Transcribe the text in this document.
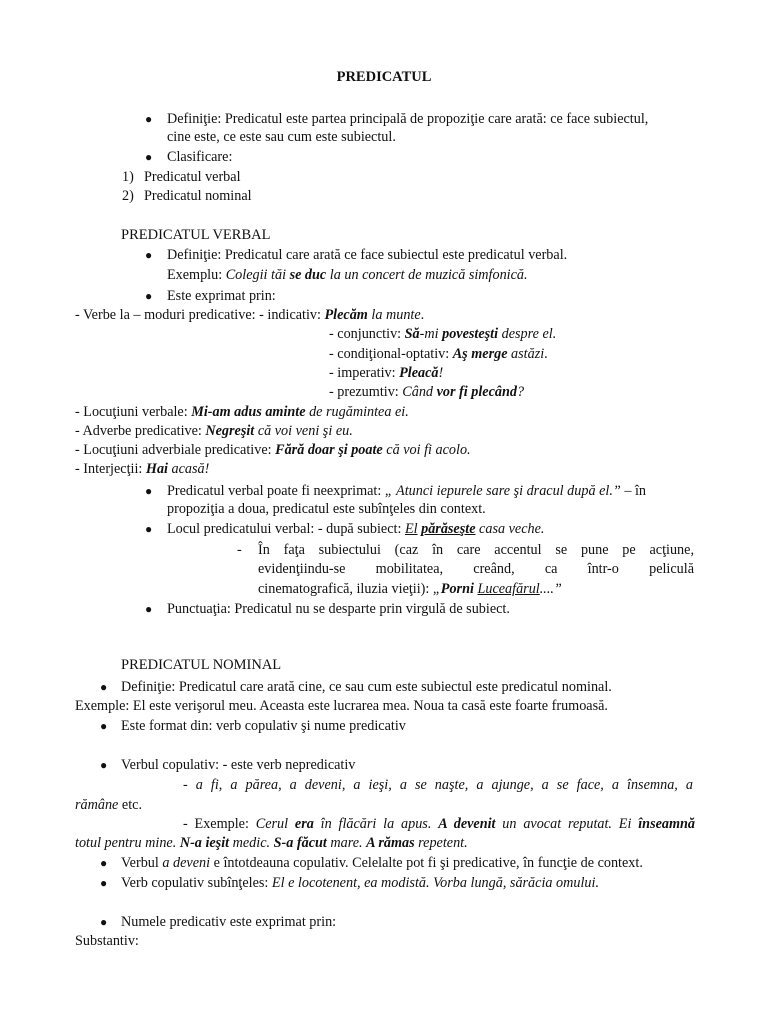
PREDICATUL
● Definiţie: Predicatul este partea principală de propoziţie care arată: ce face subiectul,
cine este, ce este sau cum este subiectul.
● Clasificare:
1) Predicatul verbal
2) Predicatul nominal
PREDICATUL VERBAL
● Definiţie: Predicatul care arată ce face subiectul este predicatul verbal.
Exemplu: Colegii tăi se duc la un concert de muzică simfonică.
● Este exprimat prin:
- Verbe la – moduri predicative: - indicativ: Plecăm la munte.
- conjunctiv: Să-mi povesteşti despre el.
- condiţional-optativ: Aş merge astăzi.
- imperativ: Pleacă!
- prezumtiv: Când vor fi plecând?
- Locuţiuni verbale: Mi-am adus aminte de rugămintea ei.
- Adverbe predicative: Negreşit că voi veni şi eu.
- Locuţiuni adverbiale predicative: Fără doar şi poate că voi fi acolo.
- Interjecţii: Hai acasă!
● Predicatul verbal poate fi neexprimat: „ Atunci iepurele sare şi dracul după el.” – în
propoziţia a doua, predicatul este subînţeles din context.
● Locul predicatului verbal: - după subiect: El părăseşte casa veche.
- În faţa subiectului (caz în care accentul se pune pe acţiune,
evidenţiindu-se mobilitatea, creând, ca într-o peliculă
cinematografică, iluzia vieţii): „Porni Luceafărul....”
● Punctuaţia: Predicatul nu se desparte prin virgulă de subiect.
PREDICATUL NOMINAL
● Definiţie: Predicatul care arată cine, ce sau cum este subiectul este predicatul nominal.
Exemple: El este verişorul meu. Aceasta este lucrarea mea. Noua ta casă este foarte frumoasă.
● Este format din: verb copulativ şi nume predicativ
● Verbul copulativ: - este verb nepredicativ
- a fi, a părea, a deveni, a ieşi, a se naşte, a ajunge, a se face, a însemna, a
rămâne etc.
- Exemple: Cerul era în flăcări la apus. A devenit un avocat reputat. Ei înseamnă
totul pentru mine. N-a ieşit medic. S-a făcut mare. A rămas repetent.
● Verbul a deveni e întotdeauna copulativ. Celelalte pot fi şi predicative, în funcţie de context.
● Verb copulativ subînţeles: El e locotenent, ea modistă. Vorba lungă, sărăcia omului.
● Numele predicativ este exprimat prin:
Substantiv:
